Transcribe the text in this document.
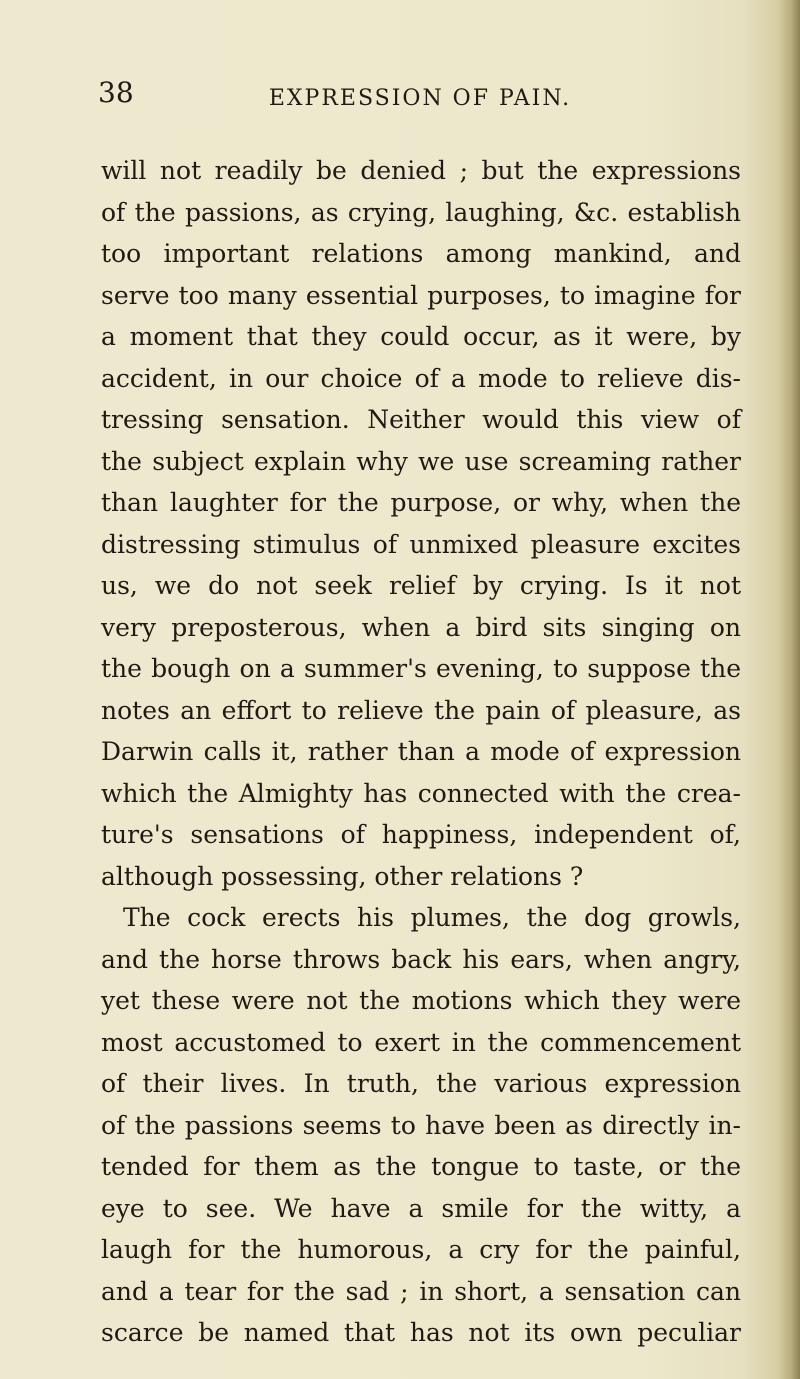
38	EXPRESSION OF PAIN.
will not readily be denied ; but the expressions
of the passions, as crying, laughing, &c. establish
too important relations among mankind, and
serve too many essential purposes, to imagine for
a moment that they could occur, as it were, by
accident, in our choice of a mode to relieve dis-
tressing sensation. Neither would this view of
the subject explain why we use screaming rather
than laughter for the purpose, or why, when the
distressing stimulus of unmixed pleasure excites
us, we do not seek relief by crying. Is it not
very preposterous, when a bird sits singing on
the bough on a summer's evening, to suppose the
notes an effort to relieve the pain of pleasure, as
Darwin calls it, rather than a mode of expression
which the Almighty has connected with the crea-
ture's sensations of happiness, independent of,
although possessing, other relations ?
The cock erects his plumes, the dog growls,
and the horse throws back his ears, when angry,
yet these were not the motions which they were
most accustomed to exert in the commencement
of their lives. In truth, the various expression
of the passions seems to have been as directly in-
tended for them as the tongue to taste, or the
eye to see. We have a smile for the witty, a
laugh for the humorous, a cry for the painful,
and a tear for the sad ; in short, a sensation can
scarce be named that has not its own peculiar
